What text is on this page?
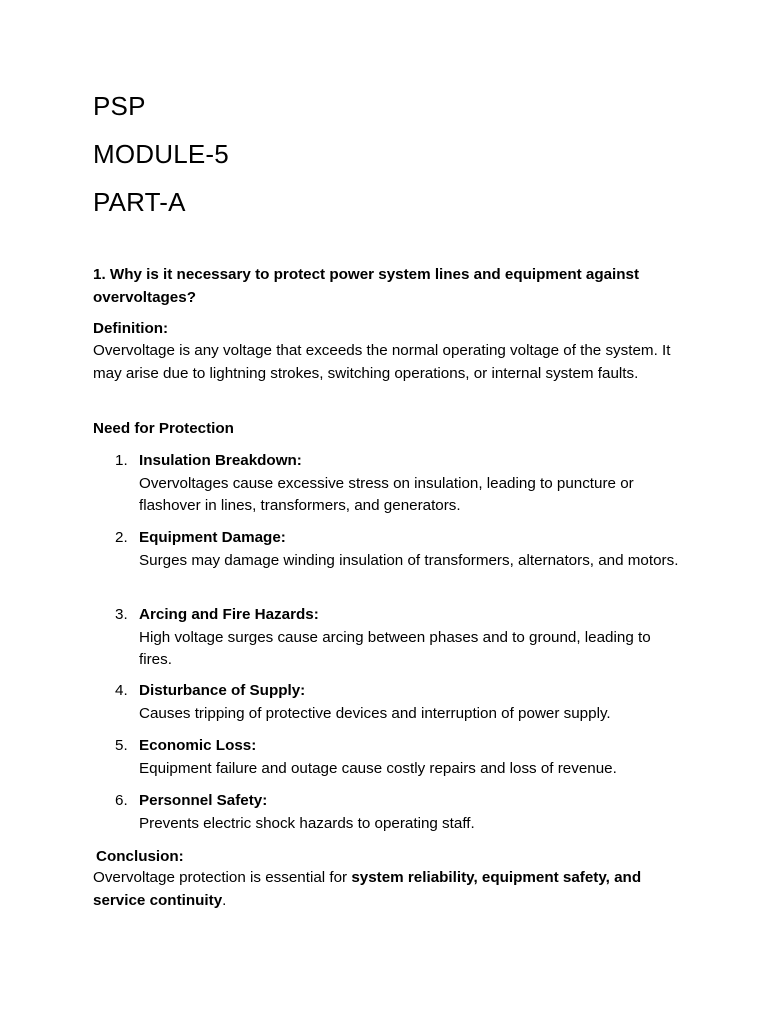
PSP
MODULE-5
PART-A

1. Why is it necessary to protect power system lines and equipment against overvoltages?

Definition:

Overvoltage is any voltage that exceeds the normal operating voltage of the system. It may arise due to lightning strokes, switching operations, or internal system faults.

Need for Protection

1. Insulation Breakdown:
Overvoltages cause excessive stress on insulation, leading to puncture or flashover in lines, transformers, and generators.
2. Equipment Damage:
Surges may damage winding insulation of transformers, alternators, and motors.
3. Arcing and Fire Hazards:
High voltage surges cause arcing between phases and to ground, leading to fires.
4. Disturbance of Supply:
Causes tripping of protective devices and interruption of power supply.
5. Economic Loss:
Equipment failure and outage cause costly repairs and loss of revenue.
6. Personnel Safety:
Prevents electric shock hazards to operating staff.

Conclusion:

Overvoltage protection is essential for system reliability, equipment safety, and service continuity.
